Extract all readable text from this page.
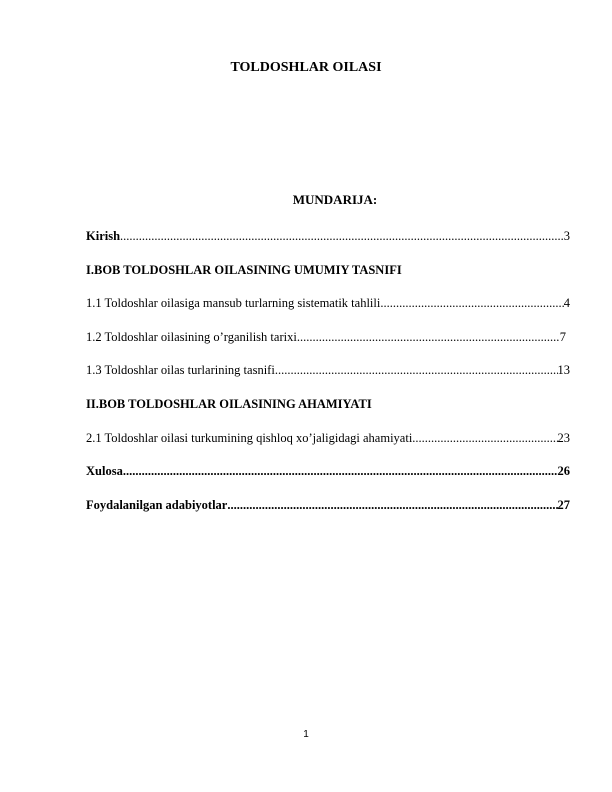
TOLDOSHLAR OILASI
MUNDARIJA:
Kirish .....	3
I.BOB TOLDOSHLAR OILASINING UMUMIY TASNIFI
1.1 Toldoshlar oilasiga mansub turlarning sistematik tahlili .....	4
1.2 Toldoshlar oilasining o’rganilish tarixi .....	7
1.3 Toldoshlar oilas turlarining tasnifi .....	13
II.BOB TOLDOSHLAR OILASINING AHAMIYATI
2.1 Toldoshlar oilasi turkumining qishloq xo’jaligidagi ahamiyati .....	23
Xulosa .....	26
Foydalanilgan adabiyotlar .....	27
1
